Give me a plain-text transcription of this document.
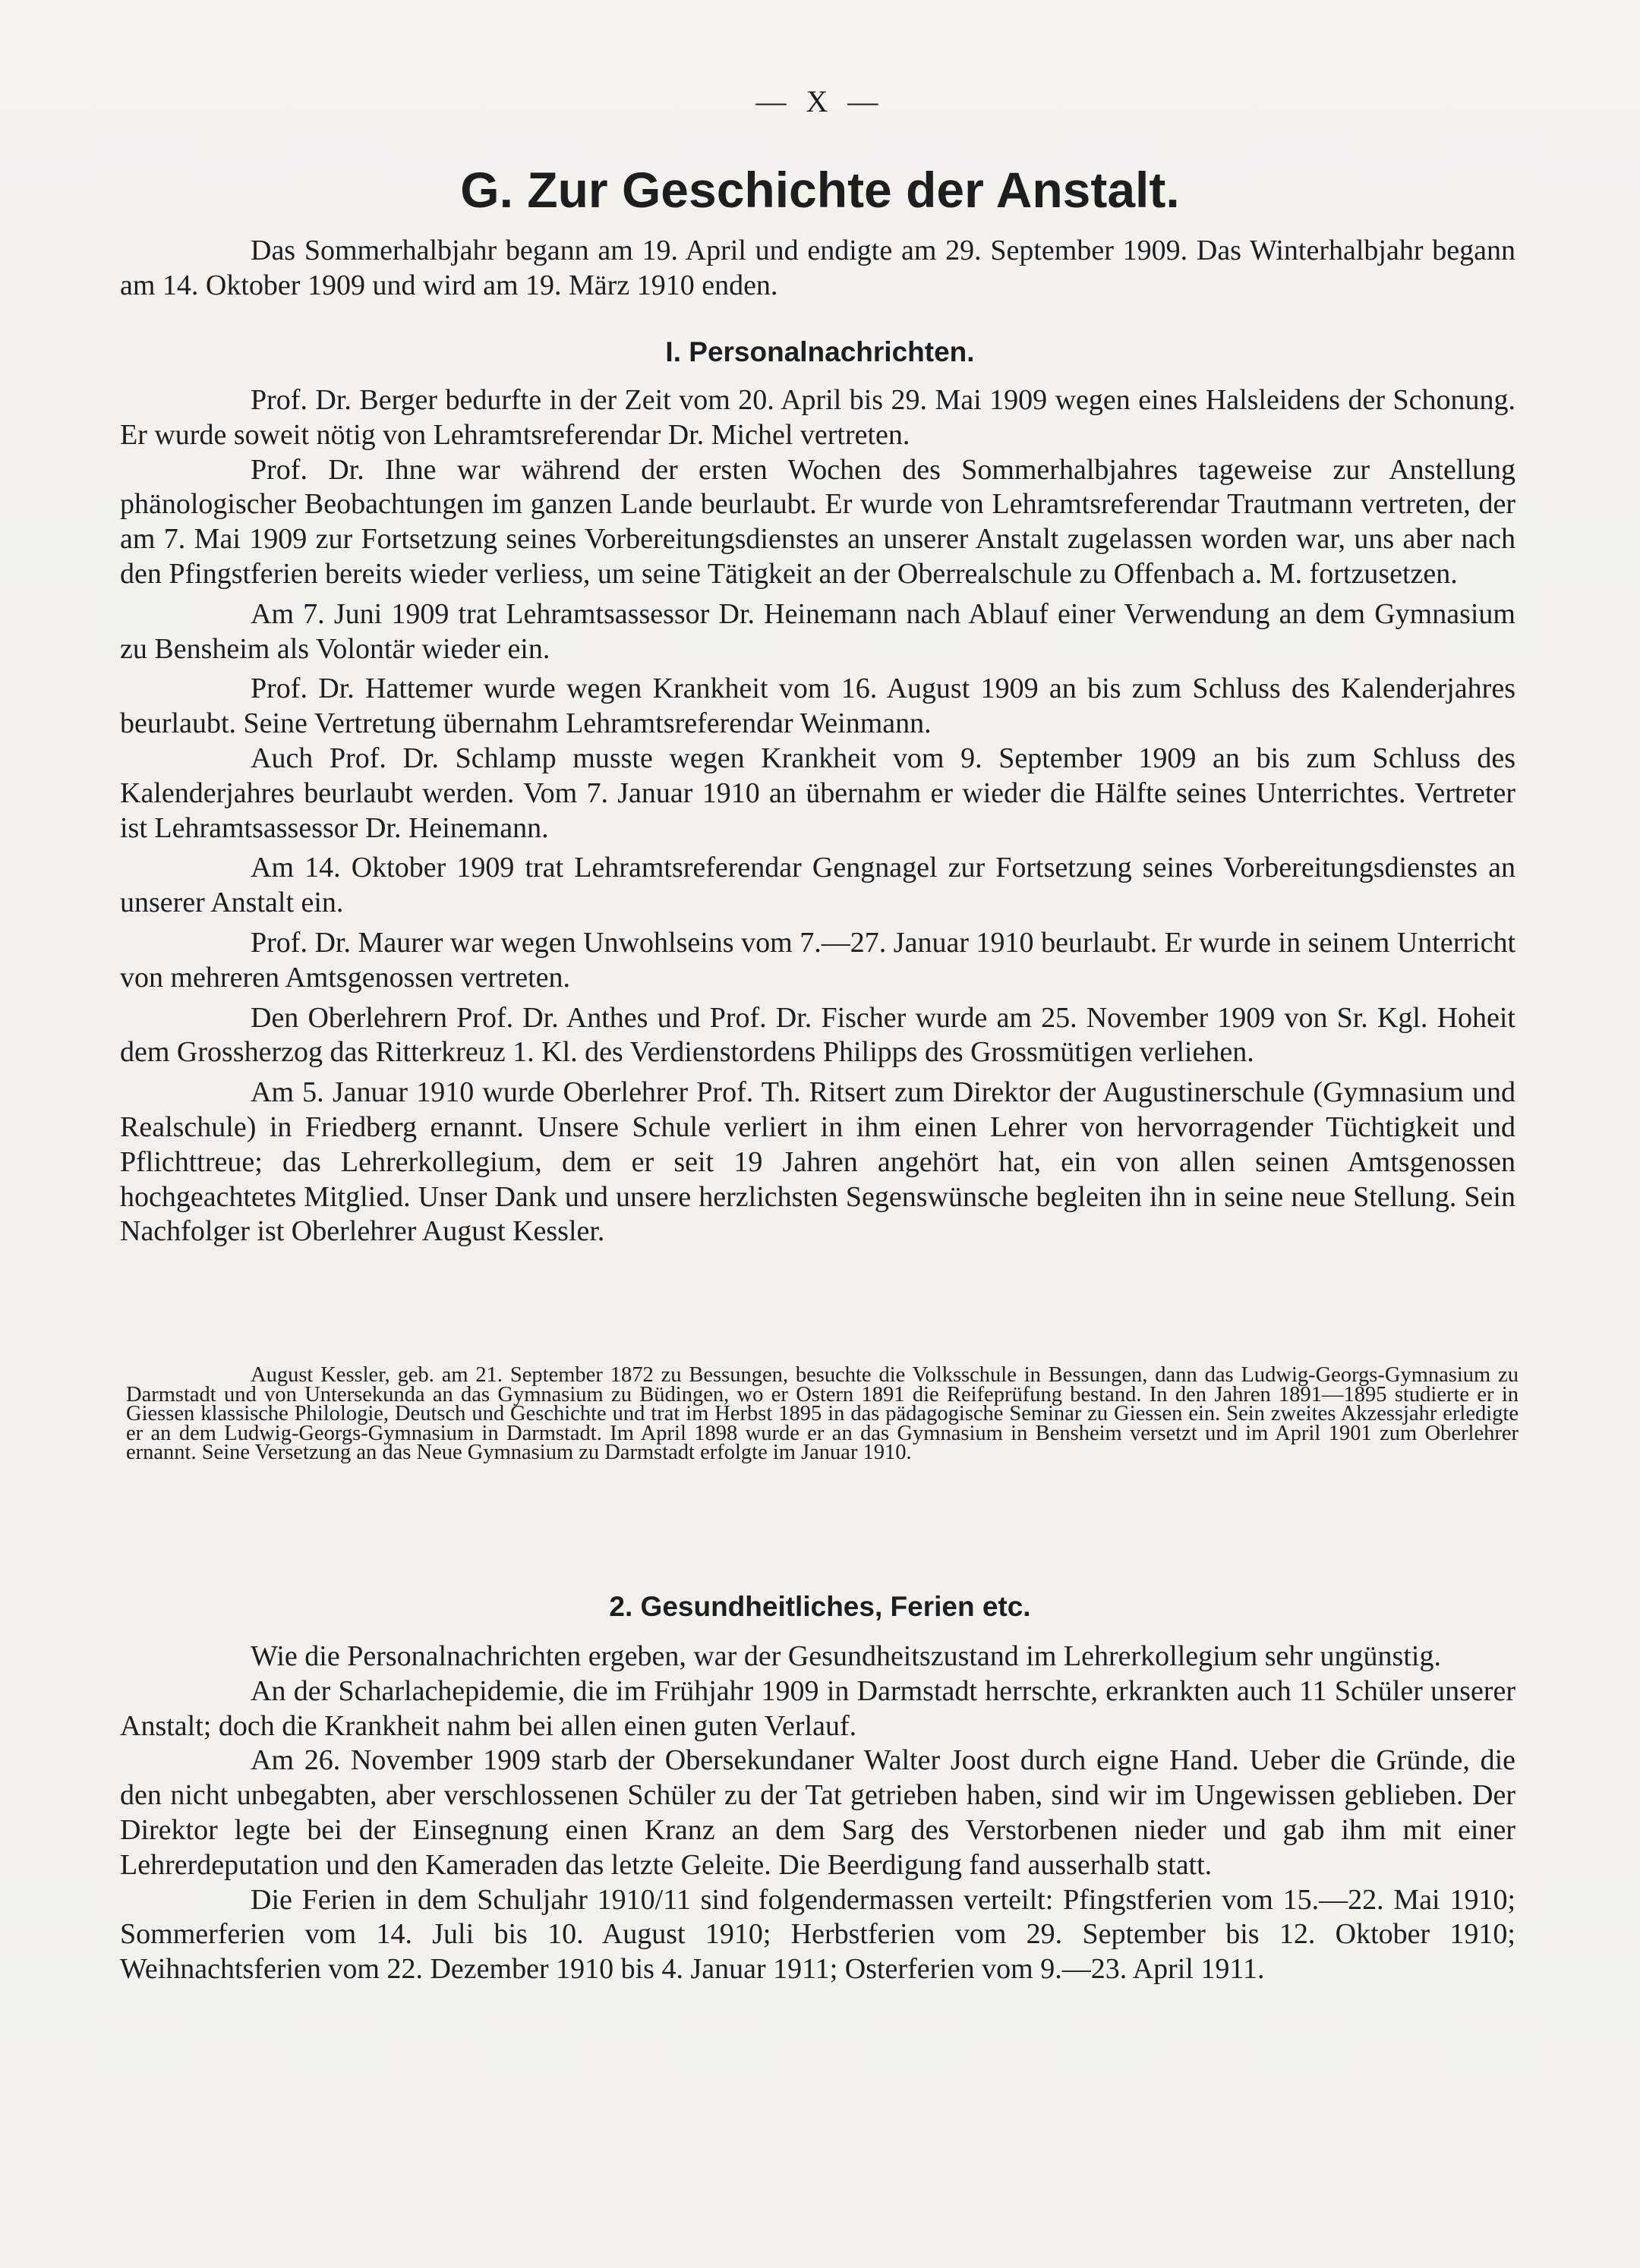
— X —
G. Zur Geschichte der Anstalt.

Das Sommerhalbjahr begann am 19. April und endigte am 29. September 1909. Das Winterhalbjahr begann am 14. Oktober 1909 und wird am 19. März 1910 enden.

I. Personalnachrichten.

Prof. Dr. Berger bedurfte in der Zeit vom 20. April bis 29. Mai 1909 wegen eines Halsleidens der Schonung. Er wurde soweit nötig von Lehramtsreferendar Dr. Michel vertreten.

Prof. Dr. Ihne war während der ersten Wochen des Sommerhalbjahres tageweise zur Anstellung phänologischer Beobachtungen im ganzen Lande beurlaubt. Er wurde von Lehramtsreferendar Trautmann vertreten, der am 7. Mai 1909 zur Fortsetzung seines Vorbereitungsdienstes an unserer Anstalt zugelassen worden war, uns aber nach den Pfingstferien bereits wieder verliess, um seine Tätigkeit an der Oberrealschule zu Offenbach a. M. fortzusetzen.

Am 7. Juni 1909 trat Lehramtsassessor Dr. Heinemann nach Ablauf einer Verwendung an dem Gymnasium zu Bensheim als Volontär wieder ein.

Prof. Dr. Hattemer wurde wegen Krankheit vom 16. August 1909 an bis zum Schluss des Kalenderjahres beurlaubt. Seine Vertretung übernahm Lehramtsreferendar Weinmann.

Auch Prof. Dr. Schlamp musste wegen Krankheit vom 9. September 1909 an bis zum Schluss des Kalenderjahres beurlaubt werden. Vom 7. Januar 1910 an übernahm er wieder die Hälfte seines Unterrichtes. Vertreter ist Lehramtsassessor Dr. Heinemann.

Am 14. Oktober 1909 trat Lehramtsreferendar Gengnagel zur Fortsetzung seines Vorbereitungsdienstes an unserer Anstalt ein.

Prof. Dr. Maurer war wegen Unwohlseins vom 7.—27. Januar 1910 beurlaubt. Er wurde in seinem Unterricht von mehreren Amtsgenossen vertreten.

Den Oberlehrern Prof. Dr. Anthes und Prof. Dr. Fischer wurde am 25. November 1909 von Sr. Kgl. Hoheit dem Grossherzog das Ritterkreuz 1. Kl. des Verdienstordens Philipps des Grossmütigen verliehen.

Am 5. Januar 1910 wurde Oberlehrer Prof. Th. Ritsert zum Direktor der Augustinerschule (Gymnasium und Realschule) in Friedberg ernannt. Unsere Schule verliert in ihm einen Lehrer von hervorragender Tüchtigkeit und Pflichttreue; das Lehrerkollegium, dem er seit 19 Jahren angehört hat, ein von allen seinen Amtsgenossen hochgeachtetes Mitglied. Unser Dank und unsere herzlichsten Segenswünsche begleiten ihn in seine neue Stellung. Sein Nachfolger ist Oberlehrer August Kessler.

August Kessler, geb. am 21. September 1872 zu Bessungen, besuchte die Volksschule in Bessungen, dann das Ludwig-Georgs-Gymnasium zu Darmstadt und von Untersekunda an das Gymnasium zu Büdingen, wo er Ostern 1891 die Reifeprüfung bestand. In den Jahren 1891—1895 studierte er in Giessen klassische Philologie, Deutsch und Geschichte und trat im Herbst 1895 in das pädagogische Seminar zu Giessen ein. Sein zweites Akzessjahr erledigte er an dem Ludwig-Georgs-Gymnasium in Darmstadt. Im April 1898 wurde er an das Gymnasium in Bensheim versetzt und im April 1901 zum Oberlehrer ernannt. Seine Versetzung an das Neue Gymnasium zu Darmstadt erfolgte im Januar 1910.

2. Gesundheitliches, Ferien etc.

Wie die Personalnachrichten ergeben, war der Gesundheitszustand im Lehrerkollegium sehr ungünstig.

An der Scharlachepidemie, die im Frühjahr 1909 in Darmstadt herrschte, erkrankten auch 11 Schüler unserer Anstalt; doch die Krankheit nahm bei allen einen guten Verlauf.

Am 26. November 1909 starb der Obersekundaner Walter Joost durch eigne Hand. Ueber die Gründe, die den nicht unbegabten, aber verschlossenen Schüler zu der Tat getrieben haben, sind wir im Ungewissen geblieben. Der Direktor legte bei der Einsegnung einen Kranz an dem Sarg des Verstorbenen nieder und gab ihm mit einer Lehrerdeputation und den Kameraden das letzte Geleite. Die Beerdigung fand ausserhalb statt.

Die Ferien in dem Schuljahr 1910/11 sind folgendermassen verteilt: Pfingstferien vom 15.—22. Mai 1910; Sommerferien vom 14. Juli bis 10. August 1910; Herbstferien vom 29. September bis 12. Oktober 1910; Weihnachtsferien vom 22. Dezember 1910 bis 4. Januar 1911; Osterferien vom 9.—23. April 1911.
